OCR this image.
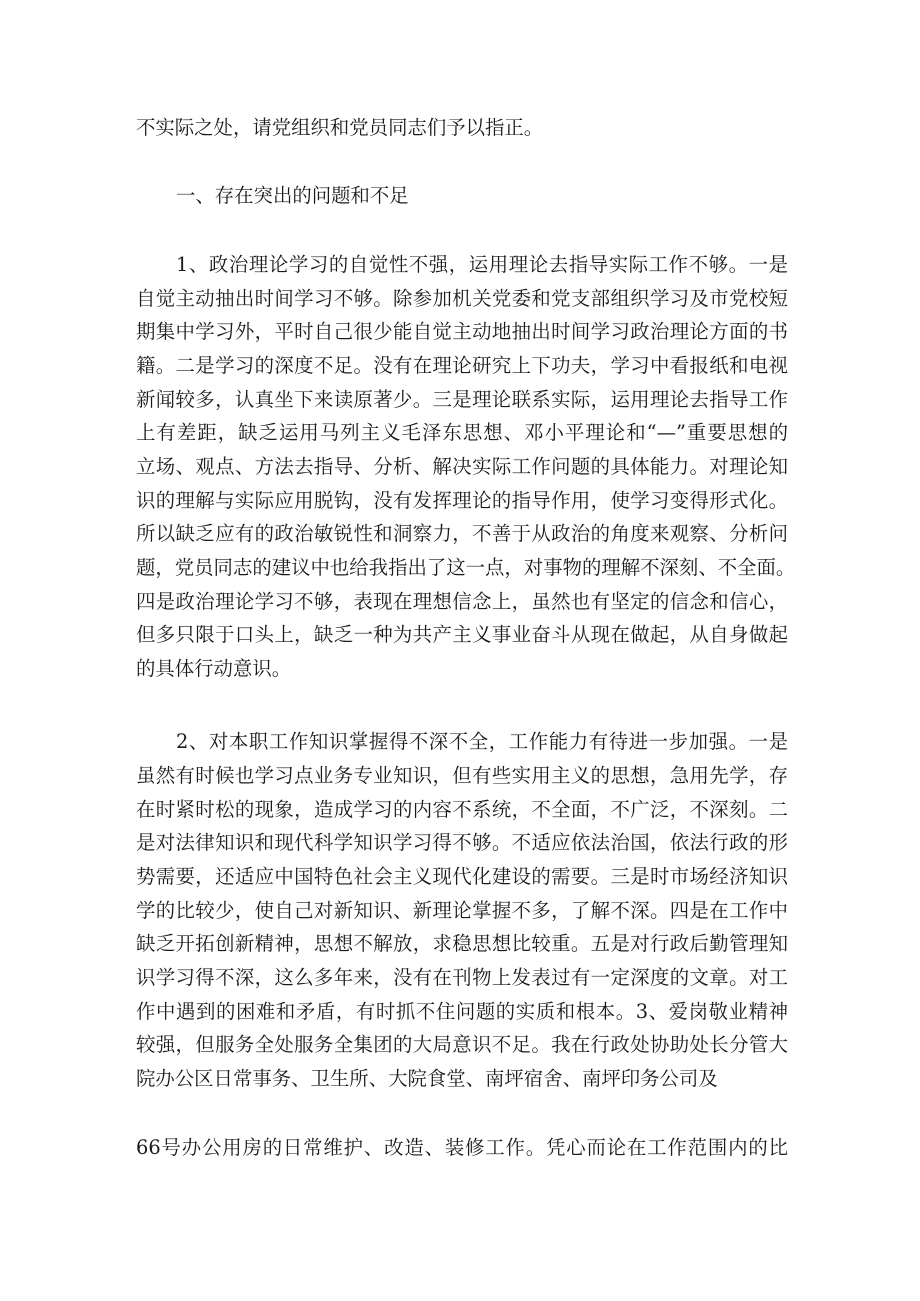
不实际之处，请党组织和党员同志们予以指正。
一、存在突出的问题和不足
1、政治理论学习的自觉性不强，运用理论去指导实际工作不够。一是
自觉主动抽出时间学习不够。除参加机关党委和党支部组织学习及市党校短
期集中学习外，平时自己很少能自觉主动地抽出时间学习政治理论方面的书
籍。二是学习的深度不足。没有在理论研究上下功夫，学习中看报纸和电视
新闻较多，认真坐下来读原著少。三是理论联系实际，运用理论去指导工作
上有差距，缺乏运用马列主义毛泽东思想、邓小平理论和“—”重要思想的
立场、观点、方法去指导、分析、解决实际工作问题的具体能力。对理论知
识的理解与实际应用脱钩，没有发挥理论的指导作用，使学习变得形式化。
所以缺乏应有的政治敏锐性和洞察力，不善于从政治的角度来观察、分析问
题，党员同志的建议中也给我指出了这一点，对事物的理解不深刻、不全面。
四是政治理论学习不够，表现在理想信念上，虽然也有坚定的信念和信心，
但多只限于口头上，缺乏一种为共产主义事业奋斗从现在做起，从自身做起
的具体行动意识。
2、对本职工作知识掌握得不深不全，工作能力有待进一步加强。一是
虽然有时候也学习点业务专业知识，但有些实用主义的思想，急用先学，存
在时紧时松的现象，造成学习的内容不系统，不全面，不广泛，不深刻。二
是对法律知识和现代科学知识学习得不够。不适应依法治国，依法行政的形
势需要，还适应中国特色社会主义现代化建设的需要。三是时市场经济知识
学的比较少，使自己对新知识、新理论掌握不多，了解不深。四是在工作中
缺乏开拓创新精神，思想不解放，求稳思想比较重。五是对行政后勤管理知
识学习得不深，这么多年来，没有在刊物上发表过有一定深度的文章。对工
作中遇到的困难和矛盾，有时抓不住问题的实质和根本。3、爱岗敬业精神
较强，但服务全处服务全集团的大局意识不足。我在行政处协助处长分管大
院办公区日常事务、卫生所、大院食堂、南坪宿舍、南坪印务公司及
66号办公用房的日常维护、改造、装修工作。凭心而论在工作范围内的比
